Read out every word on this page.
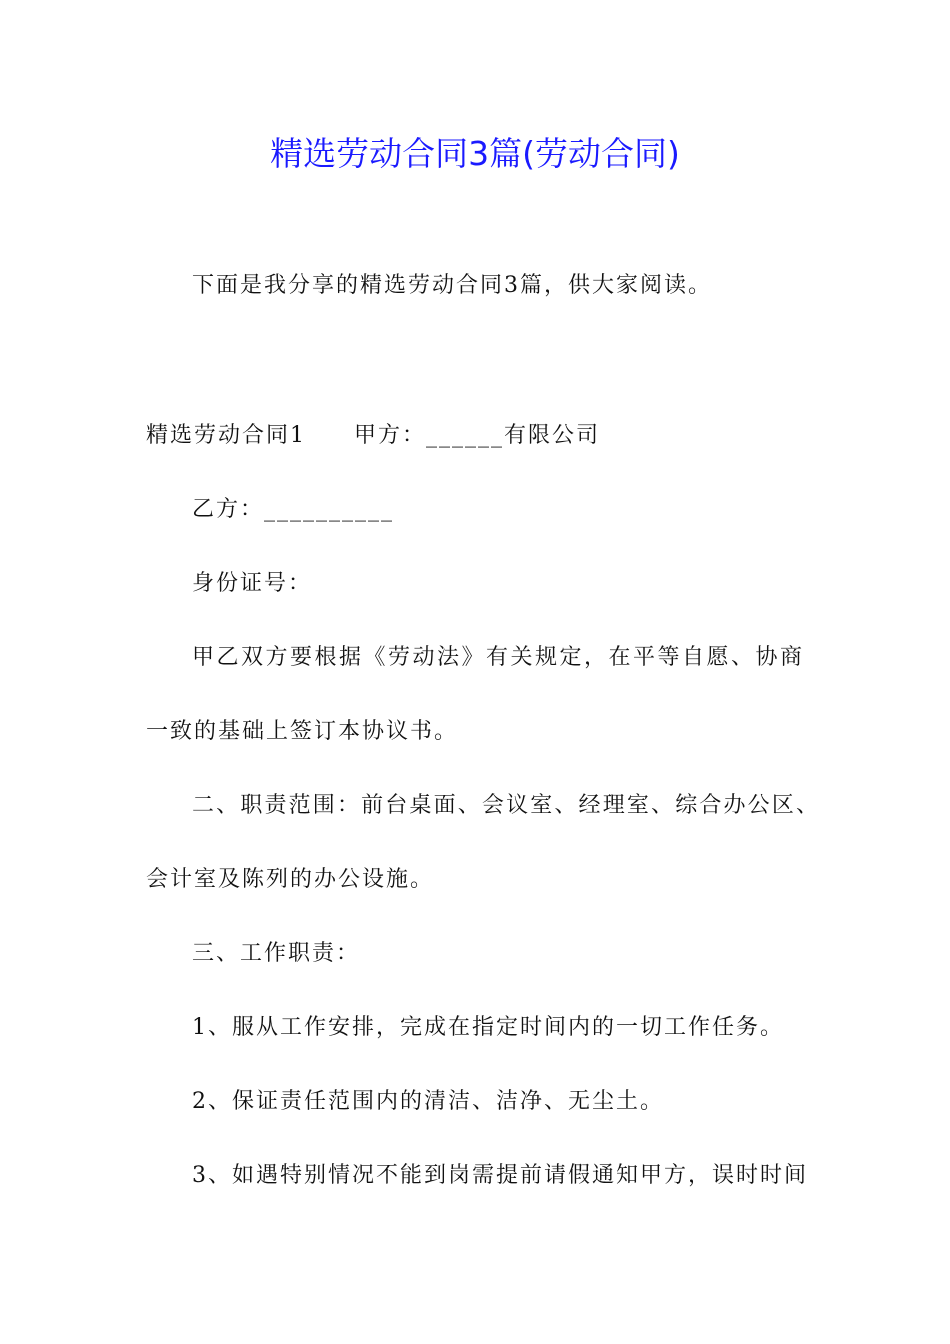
精选劳动合同3篇(劳动合同)
下面是我分享的精选劳动合同3篇，供大家阅读。
精选劳动合同1　　甲方：______有限公司
乙方：__________
身份证号：
甲乙双方要根据《劳动法》有关规定，在平等自愿、协商
一致的基础上签订本协议书。
二、职责范围：前台桌面、会议室、经理室、综合办公区、
会计室及陈列的办公设施。
三、工作职责：
1、服从工作安排，完成在指定时间内的一切工作任务。
2、保证责任范围内的清洁、洁净、无尘土。
3、如遇特别情况不能到岗需提前请假通知甲方，误时时间
